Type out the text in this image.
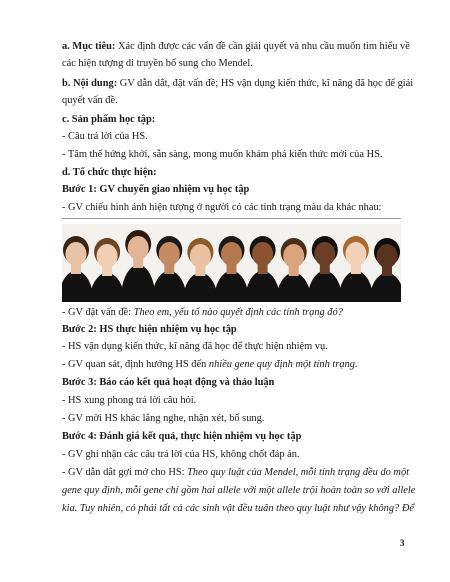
a. Mục tiêu: Xác định được các vấn đề cần giải quyết và nhu cầu muốn tìm hiểu về
các hiện tượng di truyền bổ sung cho Mendel.
b. Nội dung: GV dẫn dắt, đặt vấn đề; HS vận dụng kiến thức, kĩ năng đã học để giải
quyết vấn đề.
c. Sản phẩm học tập:
- Câu trả lời của HS.
- Tâm thế hứng khởi, sẵn sàng, mong muốn khám phá kiến thức mới của HS.
d. Tổ chức thực hiện:
Bước 1: GV chuyển giao nhiệm vụ học tập
- GV chiếu hình ảnh hiện tượng ở người có các tính trạng màu da khác nhau:
- GV đặt vấn đề: Theo em, yếu tố nào quyết định các tính trạng đó?
Bước 2: HS thực hiện nhiệm vụ học tập
- HS vận dụng kiến thức, kĩ năng đã học để thực hiện nhiệm vụ.
- GV quan sát, định hướng HS đến nhiều gene quy định một tính trạng.
Bước 3: Báo cáo kết quả hoạt động và thảo luận
- HS xung phong trả lời câu hỏi.
- GV mời HS khác lắng nghe, nhận xét, bổ sung.
Bước 4: Đánh giá kết quả, thực hiện nhiệm vụ học tập
- GV ghi nhận các câu trả lời của HS, không chốt đáp án.
- GV dẫn dắt gợi mở cho HS: Theo quy luật của Mendel, mỗi tính trạng đều do một
gene quy định, mỗi gene chỉ gồm hai allele với một allele trội hoàn toàn so với allele
kia. Tuy nhiên, có phải tất cả các sinh vật đều tuân theo quy luật như vậy không? Để
3
